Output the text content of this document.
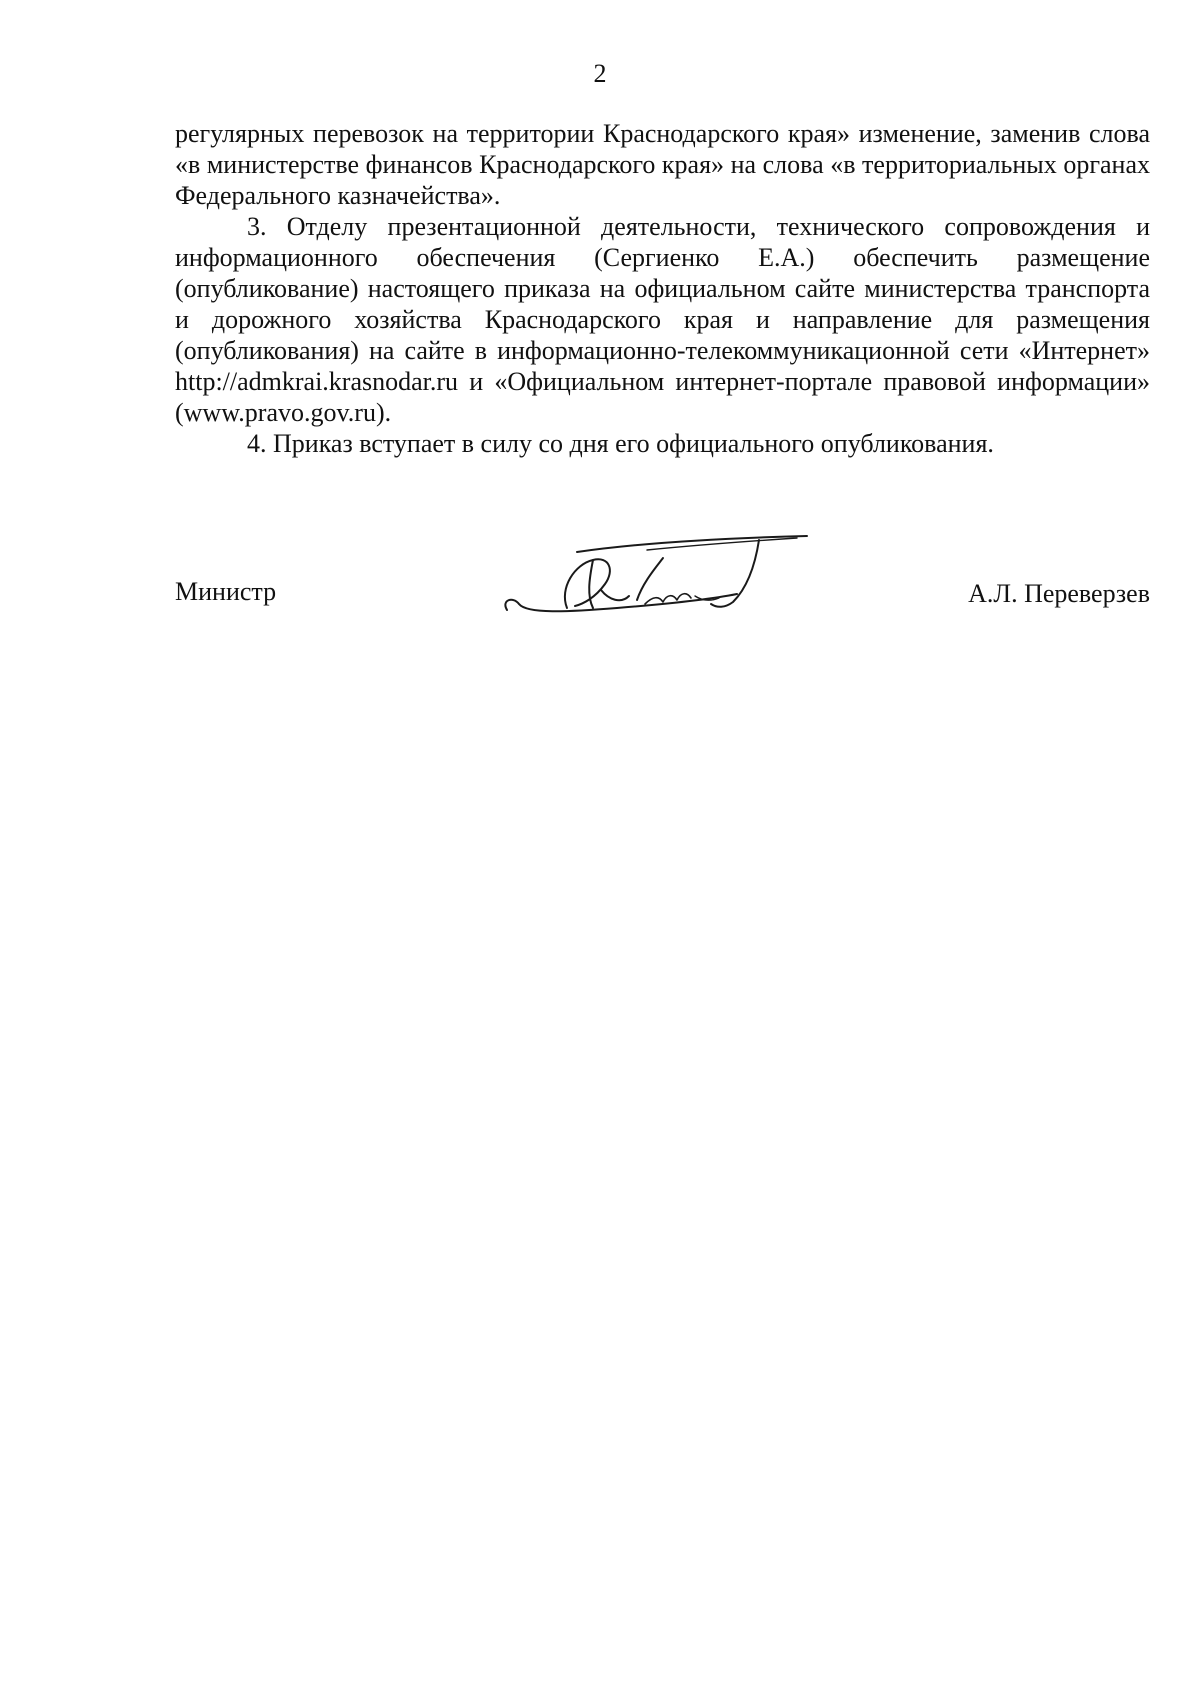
2

регулярных перевозок на территории Краснодарского края» изменение, заменив слова «в министерстве финансов Краснодарского края» на слова «в территориальных органах Федерального казначейства».

3. Отделу презентационной деятельности, технического сопровождения и информационного обеспечения (Сергиенко Е.А.) обеспечить размещение (опубликование) настоящего приказа на официальном сайте министерства транспорта и дорожного хозяйства Краснодарского края и направление для размещения (опубликования) на сайте в информационно-телекоммуникационной сети «Интернет» http://admkrai.krasnodar.ru и «Официальном интернет-портале правовой информации» (www.pravo.gov.ru).

4. Приказ вступает в силу со дня его официального опубликования.

Министр	А.Л. Переверзев
